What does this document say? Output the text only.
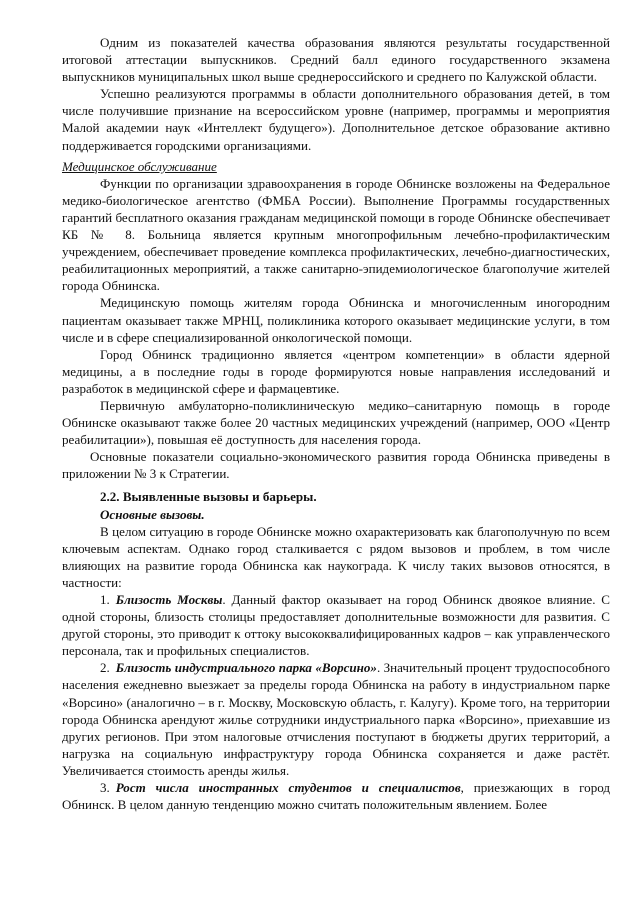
Одним из показателей качества образования являются результаты государственной итоговой аттестации выпускников. Средний балл единого государственного экзамена выпускников муниципальных школ выше среднероссийского и среднего по Калужской области.

Успешно реализуются программы в области дополнительного образования детей, в том числе получившие признание на всероссийском уровне (например, программы и мероприятия Малой академии наук «Интеллект будущего»). Дополнительное детское образование активно поддерживается городскими организациями.

Медицинское обслуживание

Функции по организации здравоохранения в городе Обнинске возложены на Федеральное медико-биологическое агентство (ФМБА России). Выполнение Программы государственных гарантий бесплатного оказания гражданам медицинской помощи в городе Обнинске обеспечивает КБ № 8. Больница является крупным многопрофильным лечебно-профилактическим учреждением, обеспечивает проведение комплекса профилактических, лечебно-диагностических, реабилитационных мероприятий, а также санитарно-эпидемиологическое благополучие жителей города Обнинска.

Медицинскую помощь жителям города Обнинска и многочисленным иногородним пациентам оказывает также МРНЦ, поликлиника которого оказывает медицинские услуги, в том числе и в сфере специализированной онкологической помощи.

Город Обнинск традиционно является «центром компетенции» в области ядерной медицины, а в последние годы в городе формируются новые направления исследований и разработок в медицинской сфере и фармацевтике.

Первичную амбулаторно-поликлиническую медико–санитарную помощь в городе Обнинске оказывают также более 20 частных медицинских учреждений (например, ООО «Центр реабилитации»), повышая её доступность для населения города.

Основные показатели социально-экономического развития города Обнинска приведены в приложении № 3 к Стратегии.

2.2. Выявленные вызовы и барьеры.

Основные вызовы.

В целом ситуацию в городе Обнинске можно охарактеризовать как благополучную по всем ключевым аспектам. Однако город сталкивается с рядом вызовов и проблем, в том числе влияющих на развитие города Обнинска как наукограда. К числу таких вызовов относятся, в частности:

1. Близость Москвы. Данный фактор оказывает на город Обнинск двоякое влияние. С одной стороны, близость столицы предоставляет дополнительные возможности для развития. С другой стороны, это приводит к оттоку высококвалифицированных кадров – как управленческого персонала, так и профильных специалистов.

2. Близость индустриального парка «Ворсино». Значительный процент трудоспособного населения ежедневно выезжает за пределы города Обнинска на работу в индустриальном парке «Ворсино» (аналогично – в г. Москву, Московскую область, г. Калугу). Кроме того, на территории города Обнинска арендуют жилье сотрудники индустриального парка «Ворсино», приехавшие из других регионов. При этом налоговые отчисления поступают в бюджеты других территорий, а нагрузка на социальную инфраструктуру города Обнинска сохраняется и даже растёт. Увеличивается стоимость аренды жилья.

3. Рост числа иностранных студентов и специалистов, приезжающих в город Обнинск. В целом данную тенденцию можно считать положительным явлением. Более
